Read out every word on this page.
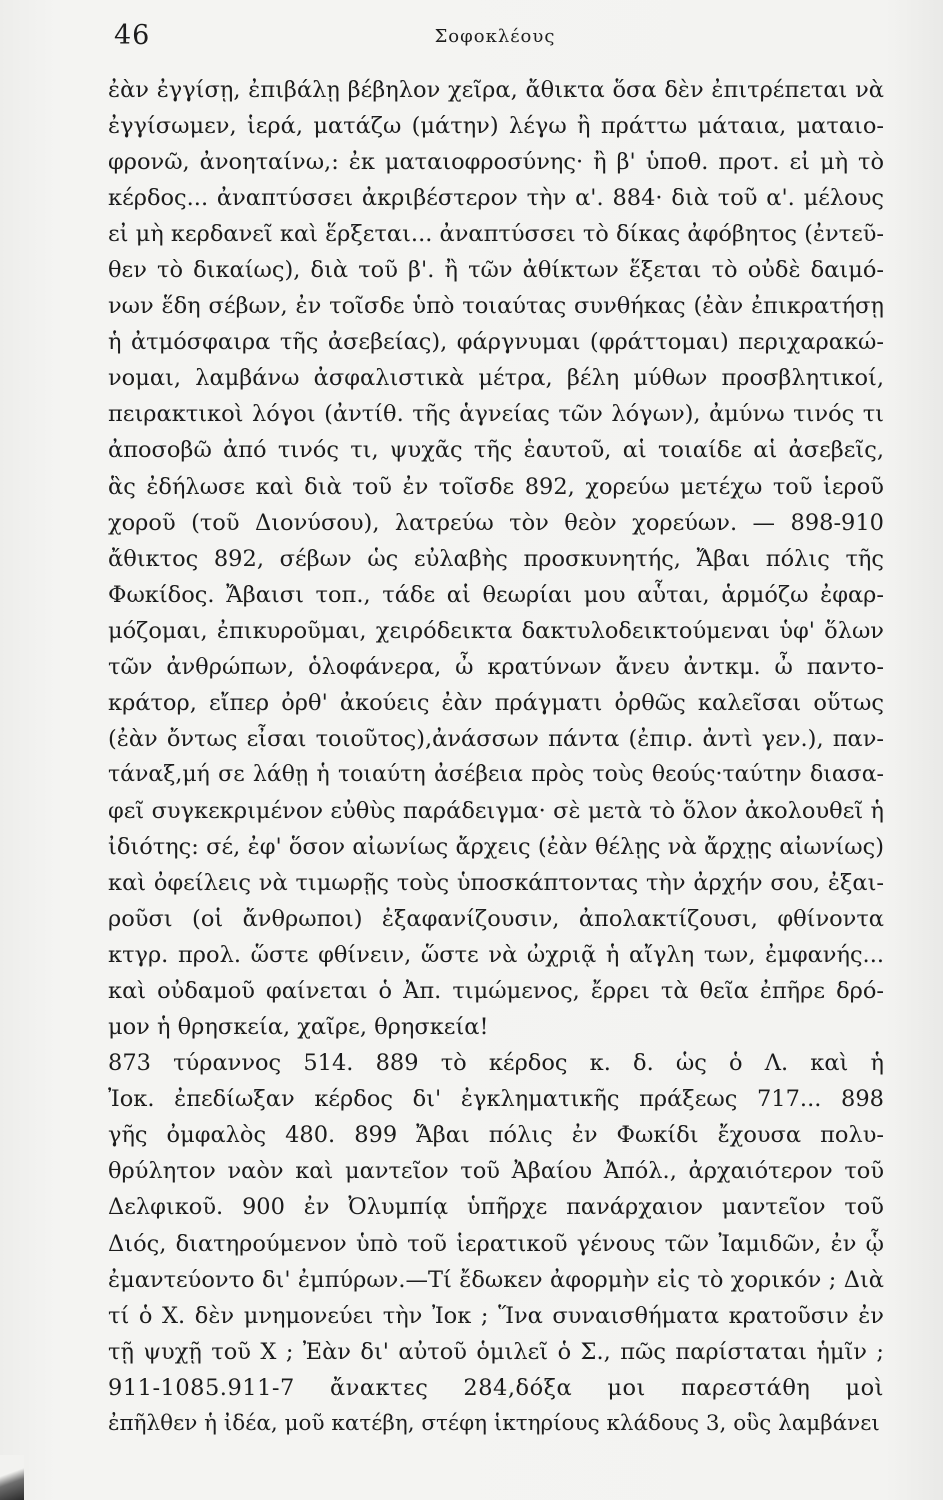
46	Σοφοκλέους
ἐὰν ἐγγίσῃ, ἐπιβάλῃ βέβηλον χεῖρα, ἄθικτα ὅσα δὲν ἐπιτρέπεται νὰ
ἐγγίσωμεν, ἱερά, ματάζω (μάτην) λέγω ἢ πράττω μάταια, ματαιο-
φρονῶ, ἀνοηταίνω,: ἐκ ματαιοφροσύνης· ἢ β' ὑποθ. προτ. εἰ μὴ τὸ
κέρδος... ἀναπτύσσει ἀκριβέστερον τὴν α'. 884· διὰ τοῦ α'. μέλους
εἰ μὴ κερδανεῖ καὶ ἕρξεται... ἀναπτύσσει τὸ δίκας ἀφόβητος (ἐντεῦ-
θεν τὸ δικαίως), διὰ τοῦ β'. ἢ τῶν ἀθίκτων ἕξεται τὸ οὐδὲ δαιμό-
νων ἕδη σέβων, ἐν τοῖσδε ὑπὸ τοιαύτας συνθήκας (ἐὰν ἐπικρατήσῃ
ἡ ἀτμόσφαιρα τῆς ἀσεβείας), φάργνυμαι (φράττομαι) περιχαρακώ-
νομαι, λαμβάνω ἀσφαλιστικὰ μέτρα, βέλη μύθων προσβλητικοί,
πειρακτικοὶ λόγοι (ἀντίθ. τῆς ἁγνείας τῶν λόγων), ἀμύνω τινός τι
ἀποσοβῶ ἀπό τινός τι, ψυχᾶς τῆς ἑαυτοῦ, αἱ τοιαίδε αἱ ἀσεβεῖς,
ἃς ἐδήλωσε καὶ διὰ τοῦ ἐν τοῖσδε 892, χορεύω μετέχω τοῦ ἱεροῦ
χοροῦ (τοῦ Διονύσου), λατρεύω τὸν θεὸν χορεύων. — 898-910
ἄθικτος 892, σέβων ὡς εὐλαβὴς προσκυνητής, Ἄβαι πόλις τῆς
Φωκίδος. Ἄβαισι τοπ., τάδε αἱ θεωρίαι μου αὗται, ἁρμόζω ἐφαρ-
μόζομαι, ἐπικυροῦμαι, χειρόδεικτα δακτυλοδεικτούμεναι ὑφ' ὅλων
τῶν ἀνθρώπων, ὁλοφάνερα, ὦ κρατύνων ἄνευ ἀντκμ. ὦ παντο-
κράτορ, εἴπερ ὀρθ' ἀκούεις ἐὰν πράγματι ὀρθῶς καλεῖσαι οὕτως
(ἐὰν ὄντως εἶσαι τοιοῦτος),ἀνάσσων πάντα (ἐπιρ. ἀντὶ γεν.), παν-
τάναξ,μή σε λάθῃ ἡ τοιαύτη ἀσέβεια πρὸς τοὺς θεούς·ταύτην διασα-
φεῖ συγκεκριμένον εὐθὺς παράδειγμα· σὲ μετὰ τὸ ὅλον ἀκολουθεῖ ἡ
ἰδιότης: σέ, ἐφ' ὅσον αἰωνίως ἄρχεις (ἐὰν θέλῃς νὰ ἄρχῃς αἰωνίως)
καὶ ὀφείλεις νὰ τιμωρῇς τοὺς ὑποσκάπτοντας τὴν ἀρχήν σου, ἐξαι-
ροῦσι (οἱ ἄνθρωποι) ἐξαφανίζουσιν, ἀπολακτίζουσι, φθίνοντα
κτγρ. προλ. ὥστε φθίνειν, ὥστε νὰ ὠχριᾷ ἡ αἴγλη των, ἐμφανής...
καὶ οὐδαμοῦ φαίνεται ὁ Ἀπ. τιμώμενος, ἔρρει τὰ θεῖα ἐπῆρε δρό-
μον ἡ θρησκεία, χαῖρε, θρησκεία!
873 τύραννος 514. 889 τὸ κέρδος κ. δ. ὡς ὁ Λ. καὶ ἡ
Ἰοκ. ἐπεδίωξαν κέρδος δι' ἐγκληματικῆς πράξεως 717... 898
γῆς ὀμφαλὸς 480. 899 Ἄβαι πόλις ἐν Φωκίδι ἔχουσα πολυ-
θρύλητον ναὸν καὶ μαντεῖον τοῦ Ἀβαίου Ἀπόλ., ἀρχαιότερον τοῦ
Δελφικοῦ. 900 ἐν Ὀλυμπίᾳ ὑπῆρχε πανάρχαιον μαντεῖον τοῦ
Διός, διατηρούμενον ὑπὸ τοῦ ἱερατικοῦ γένους τῶν Ἰαμιδῶν, ἐν ᾧ
ἐμαντεύοντο δι' ἐμπύρων.—Τί ἔδωκεν ἀφορμὴν εἰς τὸ χορικόν ; Διὰ
τί ὁ Χ. δὲν μνημονεύει τὴν Ἰοκ ; Ἵνα συναισθήματα κρατοῦσιν ἐν
τῇ ψυχῇ τοῦ Χ ; Ἐὰν δι' αὐτοῦ ὁμιλεῖ ὁ Σ., πῶς παρίσταται ἡμῖν ;
911-1085.911-7 ἄνακτες 284,δόξα μοι παρεστάθη μοὶ
ἐπῆλθεν ἡ ἰδέα, μοῦ κατέβη, στέφη ἱκτηρίους κλάδους 3, οὓς λαμβάνει
